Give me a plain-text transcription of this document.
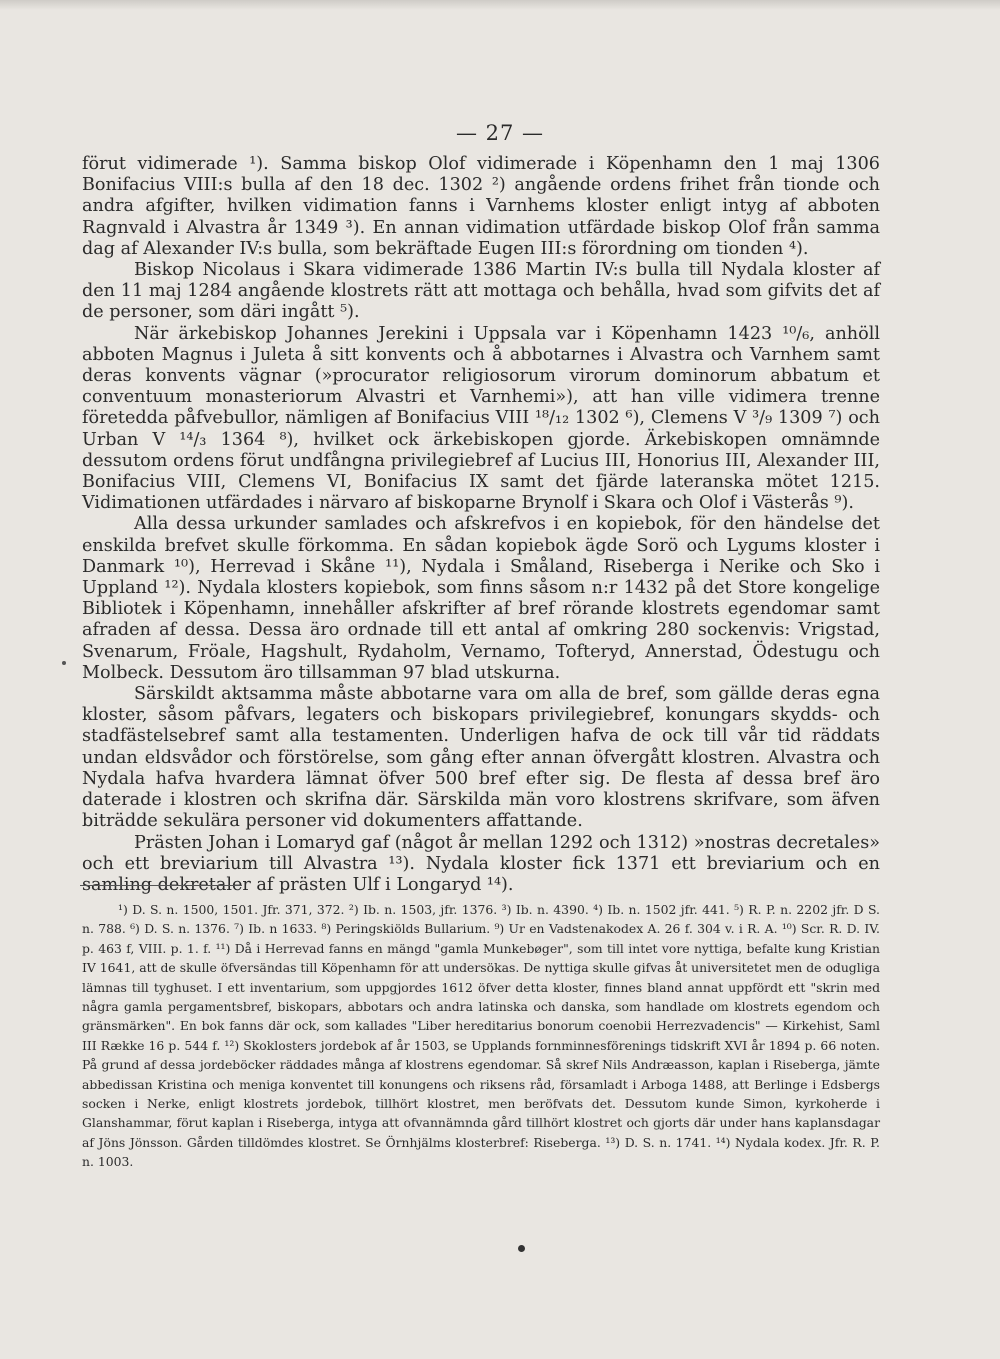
— 27 —

förut vidimerade ¹). Samma biskop Olof vidimerade i Köpenhamn den 1 maj 1306 Bonifacius VIII:s bulla af den 18 dec. 1302 ²) angående ordens frihet från tionde och andra afgifter, hvilken vidimation fanns i Varnhems kloster enligt intyg af abboten Ragnvald i Alvastra år 1349 ³). En annan vidimation utfärdade biskop Olof från samma dag af Alexander IV:s bulla, som bekräftade Eugen III:s förordning om tionden ⁴).

Biskop Nicolaus i Skara vidimerade 1386 Martin IV:s bulla till Nydala kloster af den 11 maj 1284 angående klostrets rätt att mottaga och behålla, hvad som gifvits det af de personer, som däri ingått ⁵).

När ärkebiskop Johannes Jerekini i Uppsala var i Köpenhamn 1423 ¹⁰/₆, anhöll abboten Magnus i Juleta å sitt konvents och å abbotarnes i Alvastra och Varnhem samt deras konvents vägnar (»procurator religiosorum virorum dominorum abbatum et conventuum monasteriorum Alvastri et Varnhemi»), att han ville vidimera trenne företedda påfvebullor, nämligen af Bonifacius VIII ¹⁸/₁₂ 1302 ⁶), Clemens V ³/₉ 1309 ⁷) och Urban V ¹⁴/₃ 1364 ⁸), hvilket ock ärkebiskopen gjorde. Ärkebiskopen omnämnde dessutom ordens förut undfångna privilegiebref af Lucius III, Honorius III, Alexander III, Bonifacius VIII, Clemens VI, Bonifacius IX samt det fjärde lateranska mötet 1215. Vidimationen utfärdades i närvaro af biskoparne Brynolf i Skara och Olof i Västerås ⁹).

Alla dessa urkunder samlades och afskrefvos i en kopiebok, för den händelse det enskilda brefvet skulle förkomma. En sådan kopiebok ägde Sorö och Lygums kloster i Danmark ¹⁰), Herrevad i Skåne ¹¹), Nydala i Småland, Riseberga i Nerike och Sko i Uppland ¹²). Nydala klosters kopiebok, som finns såsom n:r 1432 på det Store kongelige Bibliotek i Köpenhamn, innehåller afskrifter af bref rörande klostrets egendomar samt afraden af dessa. Dessa äro ordnade till ett antal af omkring 280 sockenvis: Vrigstad, Svenarum, Fröale, Hagshult, Rydaholm, Vernamo, Tofteryd, Annerstad, Ödestugu och Molbeck. Dessutom äro tillsamman 97 blad utskurna.

Särskildt aktsamma måste abbotarne vara om alla de bref, som gällde deras egna kloster, såsom påfvars, legaters och biskopars privilegiebref, konungars skydds- och stadfästelsebref samt alla testamenten. Underligen hafva de ock till vår tid räddats undan eldsvådor och förstörelse, som gång efter annan öfvergått klostren. Alvastra och Nydala hafva hvardera lämnat öfver 500 bref efter sig. De flesta af dessa bref äro daterade i klostren och skrifna där. Särskilda män voro klostrens skrifvare, som äfven biträdde sekulära personer vid dokumenters affattande.

Prästen Johan i Lomaryd gaf (något år mellan 1292 och 1312) »nostras decretales» och ett breviarium till Alvastra ¹³). Nydala kloster fick 1371 ett breviarium och en samling dekretaler af prästen Ulf i Longaryd ¹⁴).

¹) D. S. n. 1500, 1501. Jfr. 371, 372. ²) Ib. n. 1503, jfr. 1376. ³) Ib. n. 4390. ⁴) Ib. n. 1502 jfr. 441. ⁵) R. P. n. 2202 jfr. D S. n. 788. ⁶) D. S. n. 1376. ⁷) Ib. n 1633. ⁸) Peringskiölds Bullarium. ⁹) Ur en Vadstenakodex A. 26 f. 304 v. i R. A. ¹⁰) Scr. R. D. IV. p. 463 f, VIII. p. 1. f. ¹¹) Då i Herrevad fanns en mängd "gamla Munkebøger", som till intet vore nyttiga, befalte kung Kristian IV 1641, att de skulle öfversändas till Köpenhamn för att undersökas. De nyttiga skulle gifvas åt universitetet men de odugliga lämnas till tyghuset. I ett inventarium, som uppgjordes 1612 öfver detta kloster, finnes bland annat uppfördt ett "skrin med några gamla pergamentsbref, biskopars, abbotars och andra latinska och danska, som handlade om klostrets egendom och gränsmärken". En bok fanns där ock, som kallades "Liber hereditarius bonorum coenobii Herrezvadencis" — Kirkehist, Saml III Række 16 p. 544 f. ¹²) Skoklosters jordebok af år 1503, se Upplands fornminnesförenings tidskrift XVI år 1894 p. 66 noten. På grund af dessa jordeböcker räddades många af klostrens egendomar. Så skref Nils Andræasson, kaplan i Riseberga, jämte abbedissan Kristina och meniga konventet till konungens och riksens råd, församladt i Arboga 1488, att Berlinge i Edsbergs socken i Nerke, enligt klostrets jordebok, tillhört klostret, men beröfvats det. Dessutom kunde Simon, kyrkoherde i Glanshammar, förut kaplan i Riseberga, intyga att ofvannämnda gård tillhört klostret och gjorts där under hans kaplansdagar af Jöns Jönsson. Gården tilldömdes klostret. Se Örnhjälms klosterbref: Riseberga. ¹³) D. S. n. 1741. ¹⁴) Nydala kodex. Jfr. R. P. n. 1003.
